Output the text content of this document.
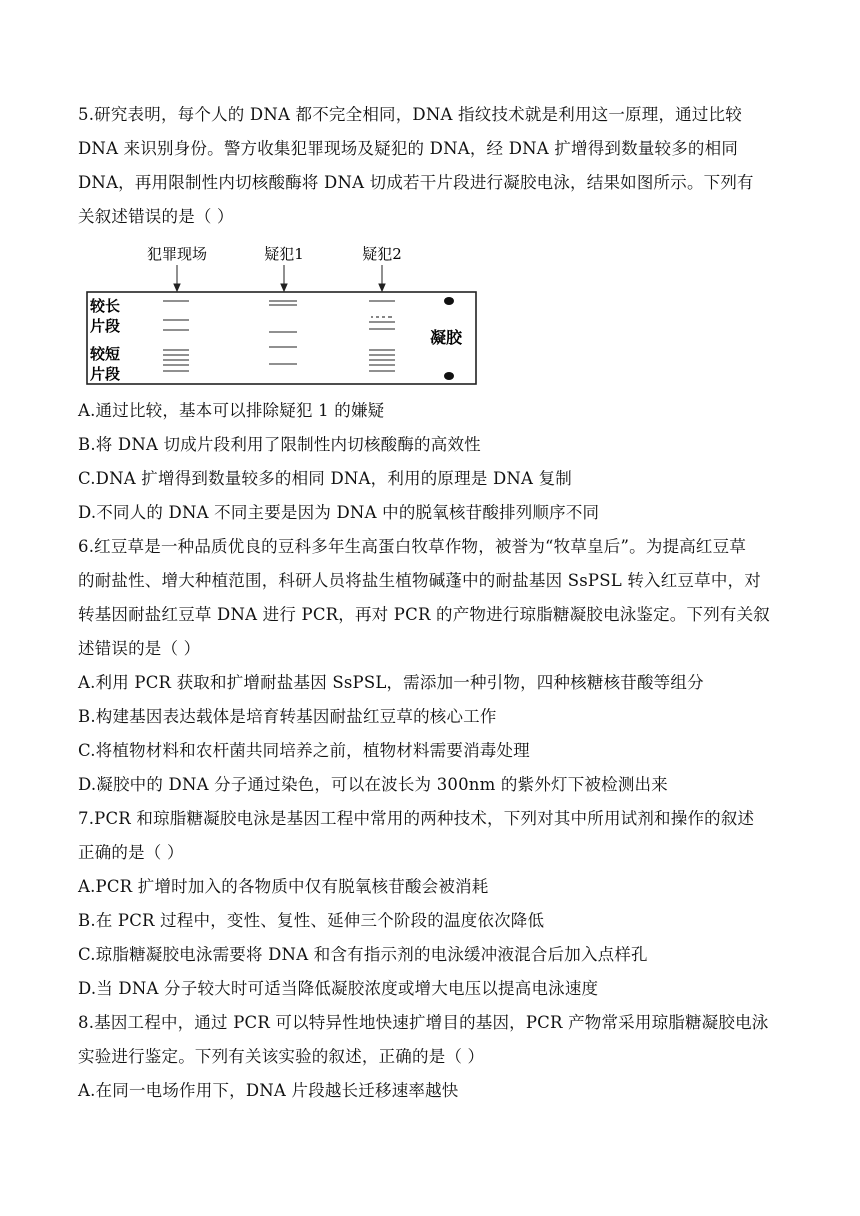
5.研究表明，每个人的 DNA 都不完全相同，DNA 指纹技术就是利用这一原理，通过比较
DNA 来识别身份。警方收集犯罪现场及疑犯的 DNA，经 DNA 扩增得到数量较多的相同
DNA，再用限制性内切核酸酶将 DNA 切成若干片段进行凝胶电泳，结果如图所示。下列有
关叙述错误的是（ ）
犯罪现场	疑犯1	疑犯2
较长
片段
较短
片段
凝胶
A.通过比较，基本可以排除疑犯 1 的嫌疑
B.将 DNA 切成片段利用了限制性内切核酸酶的高效性
C.DNA 扩增得到数量较多的相同 DNA，利用的原理是 DNA 复制
D.不同人的 DNA 不同主要是因为 DNA 中的脱氧核苷酸排列顺序不同
6.红豆草是一种品质优良的豆科多年生高蛋白牧草作物，被誉为“牧草皇后”。为提高红豆草
的耐盐性、增大种植范围，科研人员将盐生植物碱蓬中的耐盐基因 SsPSL 转入红豆草中，对
转基因耐盐红豆草 DNA 进行 PCR，再对 PCR 的产物进行琼脂糖凝胶电泳鉴定。下列有关叙
述错误的是（ ）
A.利用 PCR 获取和扩增耐盐基因 SsPSL，需添加一种引物，四种核糖核苷酸等组分
B.构建基因表达载体是培育转基因耐盐红豆草的核心工作
C.将植物材料和农杆菌共同培养之前，植物材料需要消毒处理
D.凝胶中的 DNA 分子通过染色，可以在波长为 300nm 的紫外灯下被检测出来
7.PCR 和琼脂糖凝胶电泳是基因工程中常用的两种技术，下列对其中所用试剂和操作的叙述
正确的是（ ）
A.PCR 扩增时加入的各物质中仅有脱氧核苷酸会被消耗
B.在 PCR 过程中，变性、复性、延伸三个阶段的温度依次降低
C.琼脂糖凝胶电泳需要将 DNA 和含有指示剂的电泳缓冲液混合后加入点样孔
D.当 DNA 分子较大时可适当降低凝胶浓度或增大电压以提高电泳速度
8.基因工程中，通过 PCR 可以特异性地快速扩增目的基因，PCR 产物常采用琼脂糖凝胶电泳
实验进行鉴定。下列有关该实验的叙述，正确的是（ ）
A.在同一电场作用下，DNA 片段越长迁移速率越快
